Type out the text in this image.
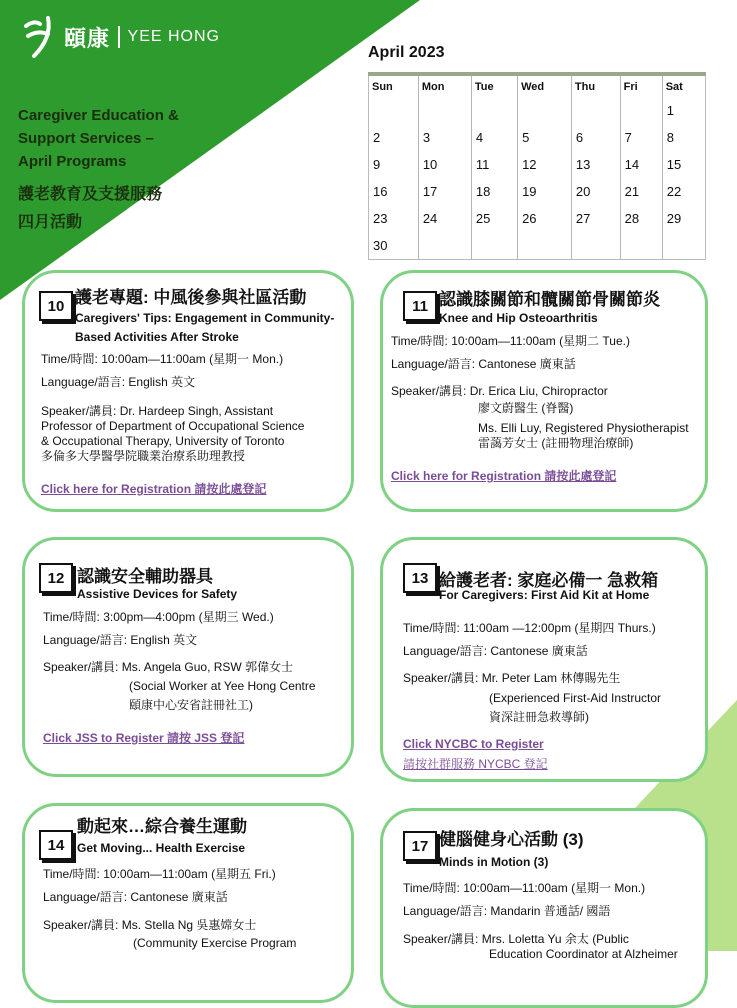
頤康 YEE HONG
Caregiver Education &
Support Services –
April Programs
護老教育及支援服務
四月活動
April 2023
Sun	Mon	Tue	Wed	Thu	Fri	Sat
						1
2	3	4	5	6	7	8
9	10	11	12	13	14	15
16	17	18	19	20	21	22
23	24	25	26	27	28	29
30						
10 護老專題: 中風後參與社區活動
Caregivers' Tips: Engagement in Community-
Based Activities After Stroke
Time/時間: 10:00am—11:00am (星期一 Mon.)
Language/語言: English 英文
Speaker/講員: Dr. Hardeep Singh, Assistant
Professor of Department of Occupational Science
& Occupational Therapy, University of Toronto
多倫多大學醫學院職業治療系助理教授
Click here for Registration 請按此處登記
11 認識膝關節和髖關節骨關節炎
Knee and Hip Osteoarthritis
Time/時間: 10:00am—11:00am (星期二 Tue.)
Language/語言: Cantonese 廣東話
Speaker/講員: Dr. Erica Liu, Chiropractor
廖文蔚醫生 (脊醫)
Ms. Elli Luy, Registered Physiotherapist
雷藹芳女士 (註冊物理治療師)
Click here for Registration 請按此處登記
12 認識安全輔助器具
Assistive Devices for Safety
Time/時間: 3:00pm—4:00pm (星期三 Wed.)
Language/語言: English 英文
Speaker/講員: Ms. Angela Guo, RSW 郭偉女士
(Social Worker at Yee Hong Centre
頤康中心安省註冊社工)
Click JSS to Register 請按 JSS 登記
13 給護老者: 家庭必備一 急救箱
For Caregivers: First Aid Kit at Home
Time/時間: 11:00am —12:00pm (星期四 Thurs.)
Language/語言: Cantonese 廣東話
Speaker/講員: Mr. Peter Lam 林傳賜先生
(Experienced First-Aid Instructor
資深註冊急救導師)
Click NYCBC to Register
請按社群服務 NYCBC 登記
14
動起來…綜合養生運動
Get Moving... Health Exercise
Time/時間: 10:00am—11:00am (星期五 Fri.)
Language/語言: Cantonese 廣東話
Speaker/講員: Ms. Stella Ng 吳惠嫦女士
(Community Exercise Program
17 健腦健身心活動 (3)
Minds in Motion (3)
Time/時間: 10:00am—11:00am (星期一 Mon.)
Language/語言: Mandarin 普通話/ 國語
Speaker/講員: Mrs. Loletta Yu 余太 (Public
Education Coordinator at Alzheimer
